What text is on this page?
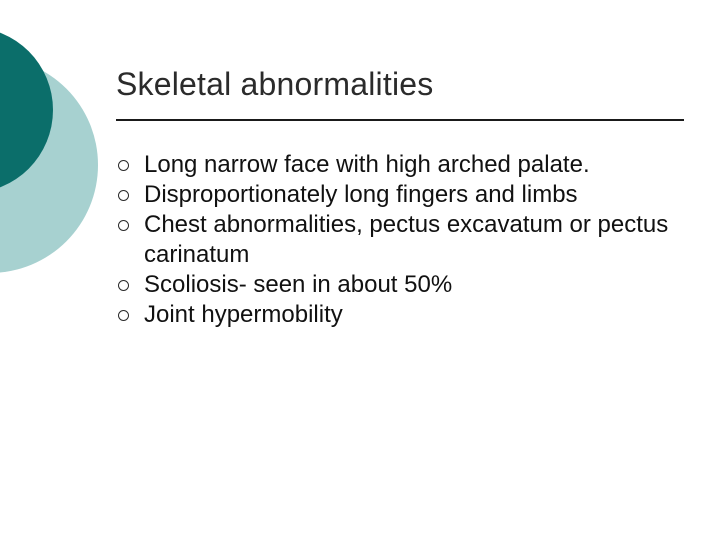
Skeletal abnormalities
Long narrow face with high arched palate.
Disproportionately long fingers and limbs
Chest abnormalities, pectus excavatum or pectus carinatum
Scoliosis- seen in about 50%
Joint hypermobility
